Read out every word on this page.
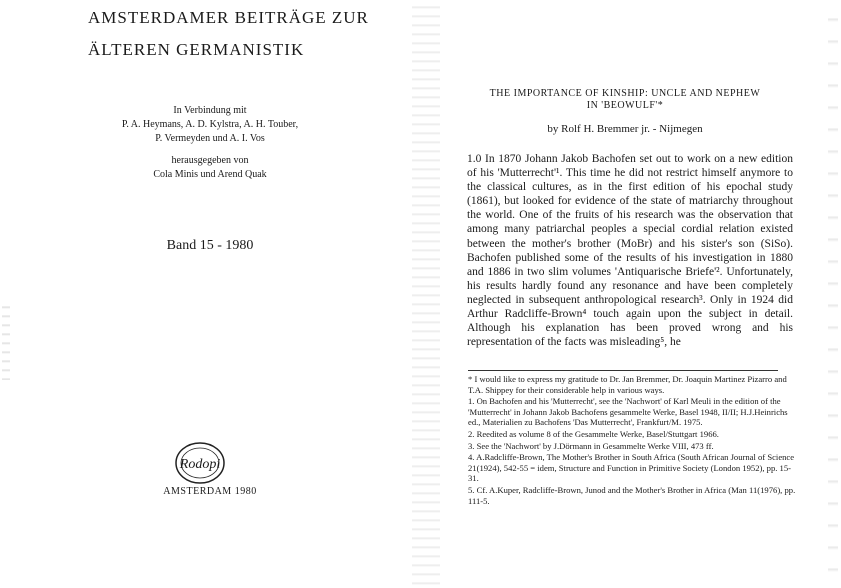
AMSTERDAMER BEITRÄGE ZUR
ÄLTEREN GERMANISTIK
In Verbindung mit
P. A. Heymans, A. D. Kylstra, A. H. Touber,
P. Vermeyden und A. I. Vos
herausgegeben von
Cola Minis und Arend Quak
Band 15 - 1980
Rodopi
AMSTERDAM 1980
THE IMPORTANCE OF KINSHIP: UNCLE AND NEPHEW
IN 'BEOWULF'*
by Rolf H. Bremmer jr. - Nijmegen

1.0 In 1870 Johann Jakob Bachofen set out to work on a new edition of his 'Mutterrecht'¹. This time he did not restrict himself anymore to the classical cultures, as in the first edition of his epochal study (1861), but looked for evidence of the state of matriarchy throughout the world. One of the fruits of his research was the observation that among many patriarchal peoples a special cordial relation existed between the mother's brother (MoBr) and his sister's son (SiSo). Bachofen published some of the results of his investigation in 1880 and 1886 in two slim volumes 'Antiquarische Briefe'². Unfortunately, his results hardly found any resonance and have been completely neglected in subsequent anthropological research³. Only in 1924 did Arthur Radcliffe-Brown⁴ touch again upon the subject in detail. Although his explanation has been proved wrong and his representation of the facts was misleading⁵, he

* I would like to express my gratitude to Dr. Jan Bremmer, Dr. Joaquin Martinez Pizarro and T.A. Shippey for their considerable help in various ways.

1. On Bachofen and his 'Mutterrecht', see the 'Nachwort' of Karl Meuli in the edition of the 'Mutterrecht' in Johann Jakob Bachofens gesammelte Werke, Basel 1948, II/II; H.J.Heinrichs ed., Materialien zu Bachofens 'Das Mutterrecht', Frankfurt/M. 1975.

2. Reedited as volume 8 of the Gesammelte Werke, Basel/Stuttgart 1966.

3. See the 'Nachwort' by J.Dörmann in Gesammelte Werke VIII, 473 ff.

4. A.Radcliffe-Brown, The Mother's Brother in South Africa (South African Journal of Science 21(1924), 542-55 = idem, Structure and Function in Primitive Society (London 1952), pp. 15-31.

5. Cf. A.Kuper, Radcliffe-Brown, Junod and the Mother's Brother in Africa (Man 11(1976), pp. 111-5.
